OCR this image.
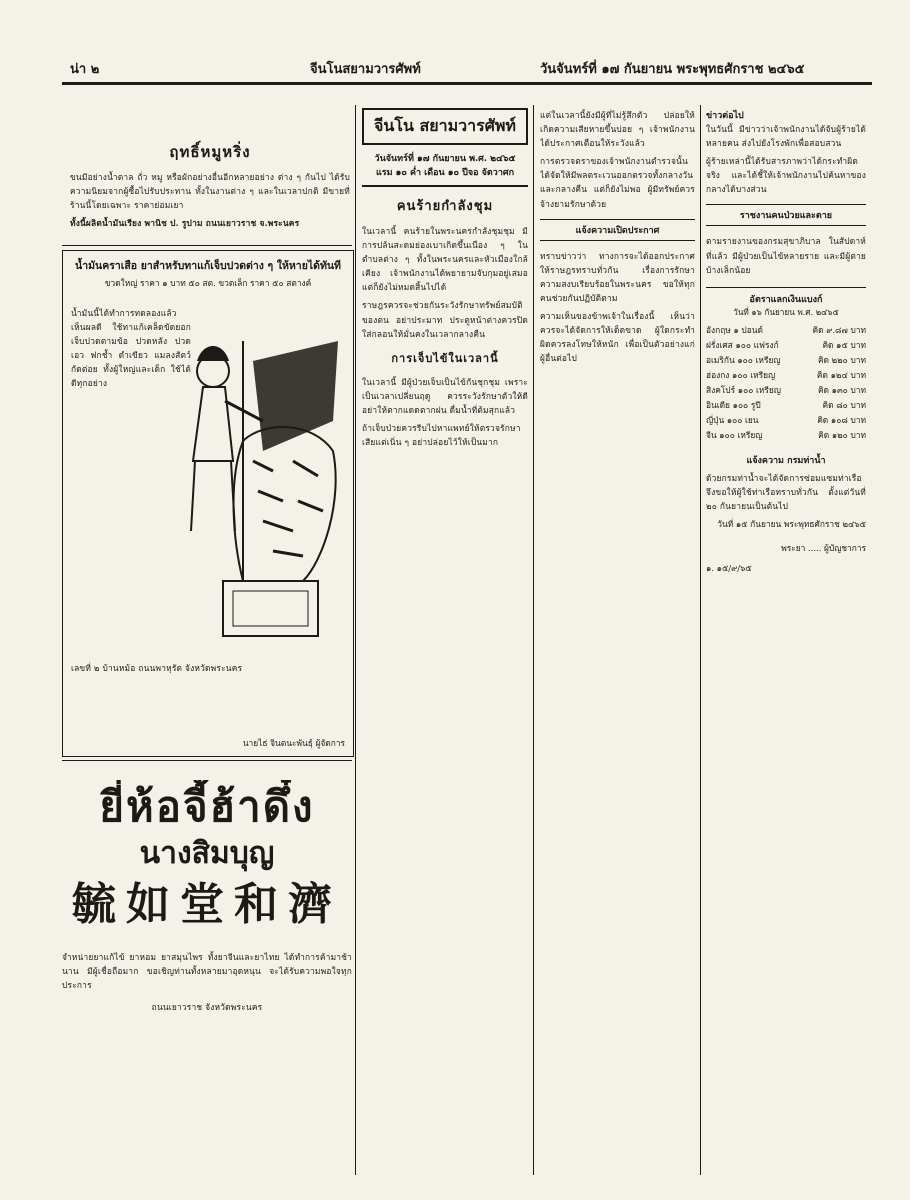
น่า ๒	จีนโนสยามวารศัพท์	วันจันทร์ที่ ๑๗ กันยายน พระพุทธศักราช ๒๔๖๕
ฤทธิ์หมูหริ่ง
ขนมีอย่างน้ำตาล ถั่ว หมู หรือผักอย่างอื่นอีกหลายอย่าง ต่าง ๆ กันไป ได้รับความนิยมจากผู้ซื้อไปรับประทาน ทั้งในงานต่าง ๆ และในเวลาปกติ มีขายที่ร้านนี้โดยเฉพาะ ราคาย่อมเยา
ทั้งนี้ผลิตน้ำมันเรียง พานิช ป. รูปาม ถนนเยาวราช จ.พระนคร
น้ำมันคราเสือ ยาสำหรับทาแก้เจ็บปวดต่าง ๆ ให้หายได้ทันที
ขวดใหญ่ ราคา ๑ บาท ๕๐ สต. ขวดเล็ก ราคา ๕๐ สตางค์
น้ำมันนี้ได้ทำการทดลองแล้วเห็นผลดี ใช้ทาแก้เคล็ดขัดยอก เจ็บปวดตามข้อ ปวดหลัง ปวดเอว ฟกช้ำ ดำเขียว แมลงสัตว์กัดต่อย ทั้งผู้ใหญ่และเด็ก ใช้ได้ดีทุกอย่าง
เลขที่ ๒ บ้านหม้อ ถนนพาหุรัด จังหวัดพระนคร
นายไธ่ จินตนะพันธุ์ ผู้จัดการ
ยี่ห้อจี้ฮ้าดึ๋ง
นางสิมบุญ
毓如堂和濟
จำหน่ายยาแก้ไข้ ยาหอม ยาสมุนไพร ทั้งยาจีนและยาไทย ได้ทำการค้ามาช้านาน มีผู้เชื่อถือมาก ขอเชิญท่านทั้งหลายมาอุดหนุน จะได้รับความพอใจทุกประการ
ถนนเยาวราช จังหวัดพระนคร
จีนโน สยามวารศัพท์
วันจันทร์ที่ ๑๗ กันยายน พ.ศ. ๒๔๖๕
แรม ๑๐ ค่ำ เดือน ๑๐ ปีจอ จัตวาศก
คนร้ายกำลังชุม
ในเวลานี้ คนร้ายในพระนครกำลังชุมชุม มีการปล้นสะดมย่องเบาเกิดขึ้นเนือง ๆ ในตำบลต่าง ๆ ทั้งในพระนครและหัวเมืองใกล้เคียง เจ้าพนักงานได้พยายามจับกุมอยู่เสมอ แต่ก็ยังไม่หมดสิ้นไปได้
ราษฎรควรจะช่วยกันระวังรักษาทรัพย์สมบัติของตน อย่าประมาท ประตูหน้าต่างควรปิดใส่กลอนให้มั่นคงในเวลากลางคืน
การเจ็บไข้ในเวลานี้
ในเวลานี้ มีผู้ป่วยเจ็บเป็นไข้กันชุกชุม เพราะเป็นเวลาเปลี่ยนฤดู ควรระวังรักษาตัวให้ดี อย่าให้ตากแดดตากฝน ดื่มน้ำที่ต้มสุกแล้ว
ถ้าเจ็บป่วยควรรีบไปหาแพทย์ให้ตรวจรักษาเสียแต่เนิ่น ๆ อย่าปล่อยไว้ให้เป็นมาก
แต่ในเวลานี้ยังมีผู้ที่ไม่รู้สึกตัว ปล่อยให้เกิดความเสียหายขึ้นบ่อย ๆ เจ้าพนักงานได้ประกาศเตือนให้ระวังแล้ว
การตรวจตราของเจ้าพนักงานตำรวจนั้น ได้จัดให้มีพลตระเวนออกตรวจทั้งกลางวันและกลางคืน แต่ก็ยังไม่พอ ผู้มีทรัพย์ควรจ้างยามรักษาด้วย
แจ้งความเปิดประกาศ
ทราบข่าวว่า ทางการจะได้ออกประกาศให้ราษฎรทราบทั่วกัน เรื่องการรักษาความสงบเรียบร้อยในพระนคร ขอให้ทุกคนช่วยกันปฏิบัติตาม
ความเห็นของข้าพเจ้าในเรื่องนี้ เห็นว่าควรจะได้จัดการให้เด็ดขาด ผู้ใดกระทำผิดควรลงโทษให้หนัก เพื่อเป็นตัวอย่างแก่ผู้อื่นต่อไป
ข่าวต่อไป
ในวันนี้ มีข่าวว่าเจ้าพนักงานได้จับผู้ร้ายได้หลายคน ส่งไปยังโรงพักเพื่อสอบสวน
ผู้ร้ายเหล่านี้ได้รับสารภาพว่าได้กระทำผิดจริง และได้ชี้ให้เจ้าพนักงานไปค้นหาของกลางได้บางส่วน
ราชงานคนป่วยและตาย
ตามรายงานของกรมสุขาภิบาล ในสัปดาห์ที่แล้ว มีผู้ป่วยเป็นไข้หลายราย และมีผู้ตายบ้างเล็กน้อย
อัตราแลกเงินแบงก์
วันที่ ๑๖ กันยายน พ.ศ. ๒๔๖๕
อังกฤษ ๑ ปอนด์	คิด ๙.๘๗ บาท
ฝรั่งเศส ๑๐๐ แฟรงก์	คิด ๑๕ บาท
อเมริกัน ๑๐๐ เหรียญ	คิด ๒๒๐ บาท
ฮ่องกง ๑๐๐ เหรียญ	คิด ๑๒๔ บาท
สิงคโปร์ ๑๐๐ เหรียญ	คิด ๑๓๐ บาท
อินเดีย ๑๐๐ รูปี	คิด ๘๐ บาท
ญี่ปุ่น ๑๐๐ เยน	คิด ๑๐๘ บาท
จีน ๑๐๐ เหรียญ	คิด ๑๒๐ บาท
แจ้งความ กรมท่าน้ำ
ด้วยกรมท่าน้ำจะได้จัดการซ่อมแซมท่าเรือ จึงขอให้ผู้ใช้ท่าเรือทราบทั่วกัน ตั้งแต่วันที่ ๒๐ กันยายนเป็นต้นไป
วันที่ ๑๕ กันยายน พระพุทธศักราช ๒๔๖๕
พระยา ..... ผู้บัญชาการ
๑. ๑๕/๙/๖๕
